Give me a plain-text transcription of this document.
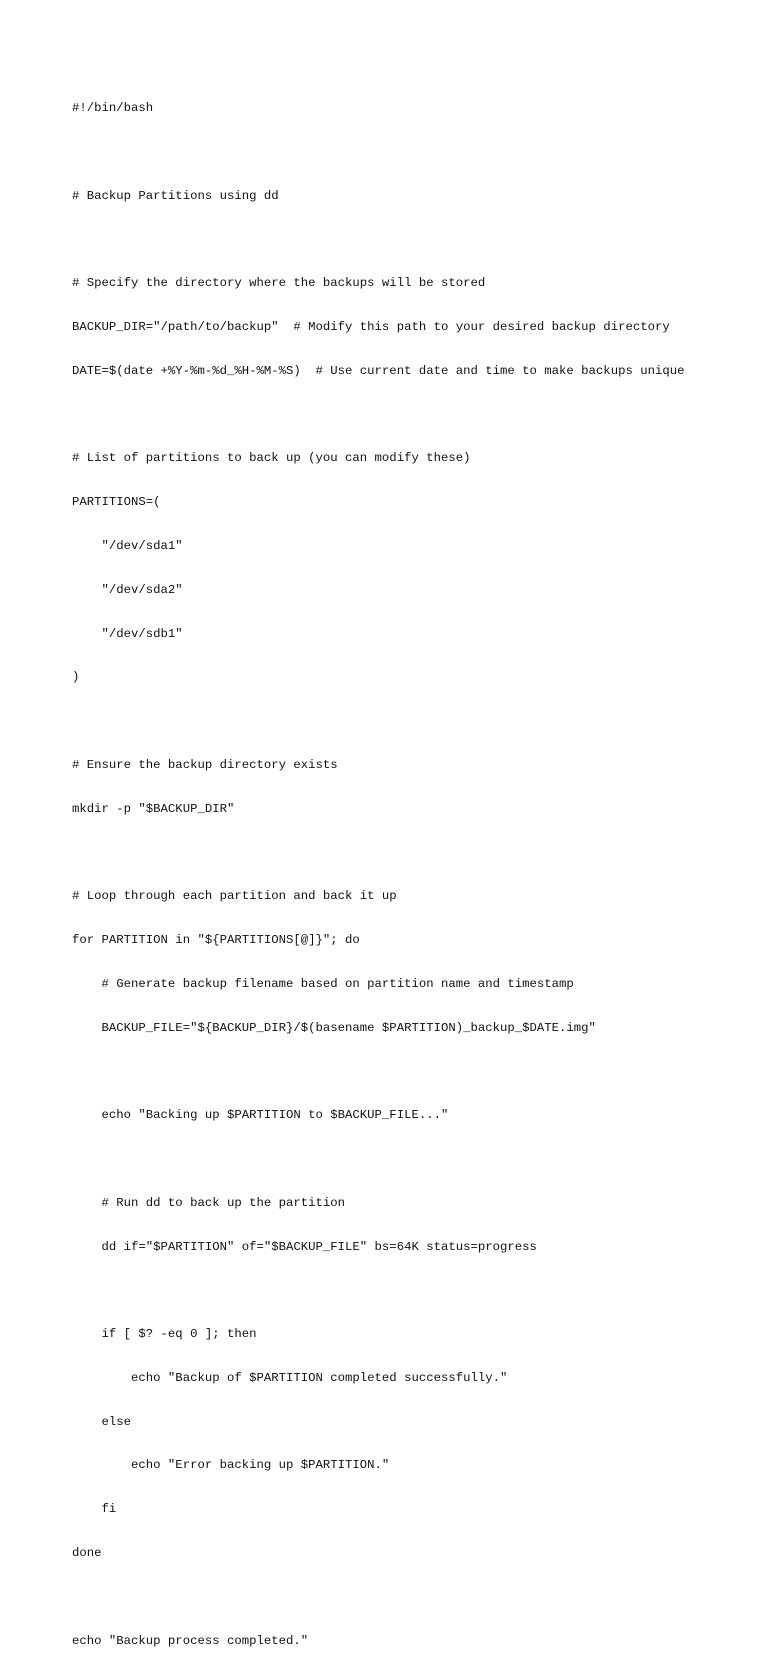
#!/bin/bash

# Backup Partitions using dd

# Specify the directory where the backups will be stored

BACKUP_DIR="/path/to/backup"  # Modify this path to your desired backup directory

DATE=$(date +%Y-%m-%d_%H-%M-%S)  # Use current date and time to make backups unique

# List of partitions to back up (you can modify these)

PARTITIONS=(

"/dev/sda1"

"/dev/sda2"

"/dev/sdb1"

)

# Ensure the backup directory exists

mkdir -p "$BACKUP_DIR"

# Loop through each partition and back it up

for PARTITION in "${PARTITIONS[@]}"; do

# Generate backup filename based on partition name and timestamp

BACKUP_FILE="${BACKUP_DIR}/$(basename $PARTITION)_backup_$DATE.img"

echo "Backing up $PARTITION to $BACKUP_FILE..."

# Run dd to back up the partition

dd if="$PARTITION" of="$BACKUP_FILE" bs=64K status=progress

if [ $? -eq 0 ]; then

echo "Backup of $PARTITION completed successfully."

else

echo "Error backing up $PARTITION."

fi

done

echo "Backup process completed."
